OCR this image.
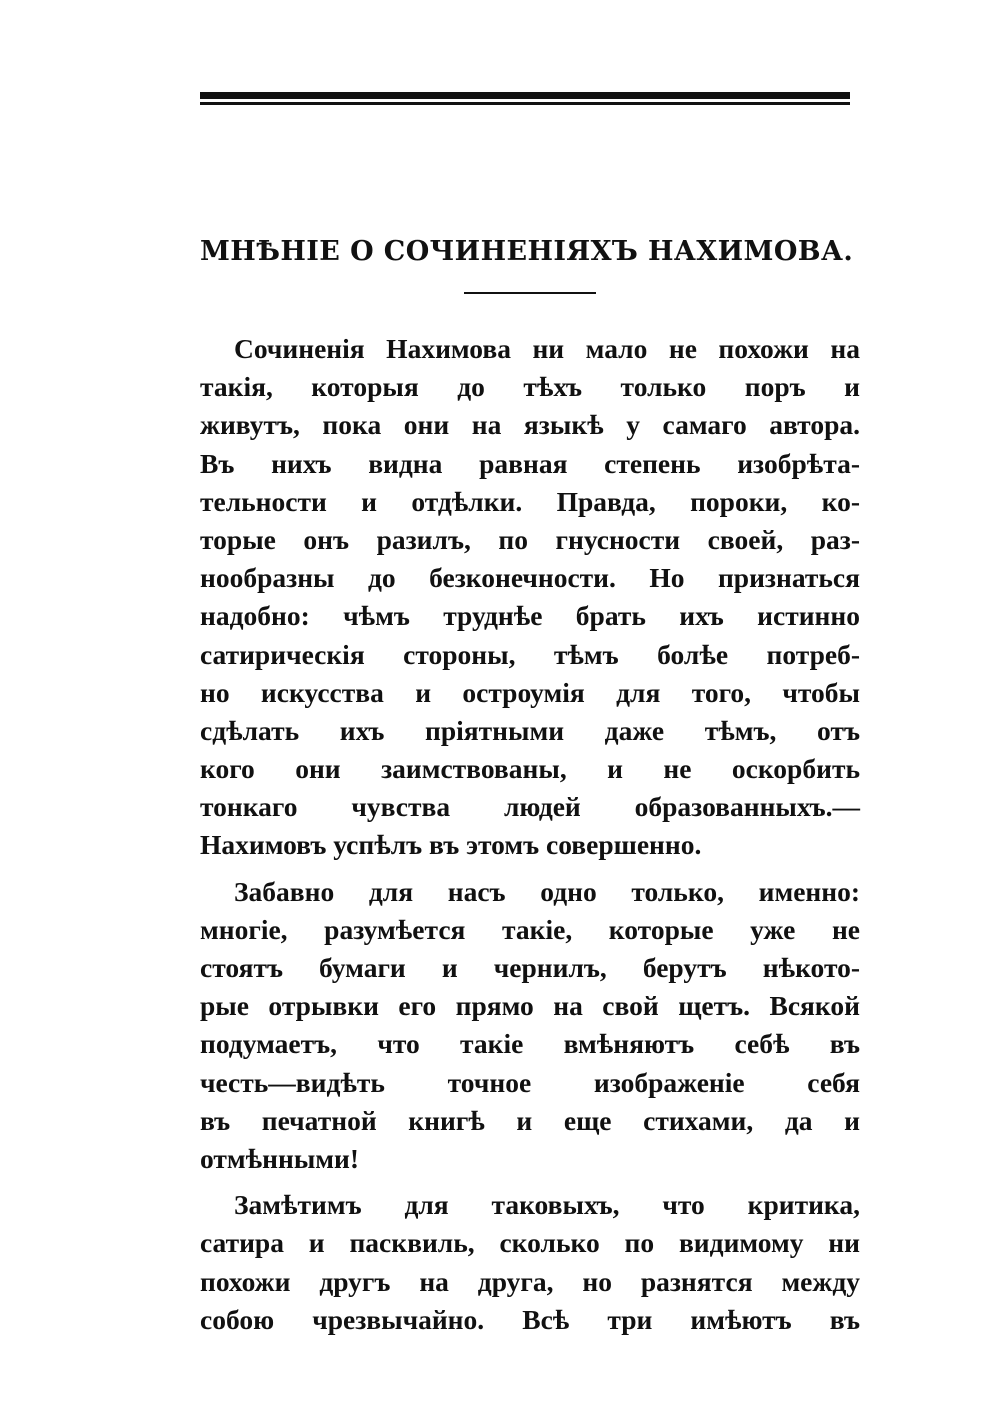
МНѢНІЕ О СОЧИНЕНІЯХЪ НАХИМОВА.
Сочиненія Нахимова ни мало не похожи на
такія, которыя до тѣхъ только поръ и
живутъ, пока они на языкѣ у самаго автора.
Въ нихъ видна равная степень изобрѣта-
тельности и отдѣлки. Правда, пороки, ко-
торые онъ разилъ, по гнусности своей, раз-
нообразны до безконечности. Но признаться
надобно: чѣмъ труднѣе брать ихъ истинно
сатирическія стороны, тѣмъ болѣе потреб-
но искусства и остроумія для того, чтобы
сдѣлать ихъ пріятными даже тѣмъ, отъ
кого они заимствованы, и не оскорбить
тонкаго чувства людей образованныхъ.—
Нахимовъ успѣлъ въ этомъ совершенно.
Забавно для насъ одно только, именно:
многіе, разумѣется такіе, которые уже не
стоятъ бумаги и чернилъ, берутъ нѣкото-
рые отрывки его прямо на свой щетъ. Всякой
подумаетъ, что такіе вмѣняютъ себѣ въ
честь—видѣть точное изображеніе себя
въ печатной книгѣ и еще стихами, да и
отмѣнными!
Замѣтимъ для таковыхъ, что критика,
сатира и пасквиль, сколько по видимому ни
похожи другъ на друга, но разнятся между
собою чрезвычайно. Всѣ три имѣютъ въ
